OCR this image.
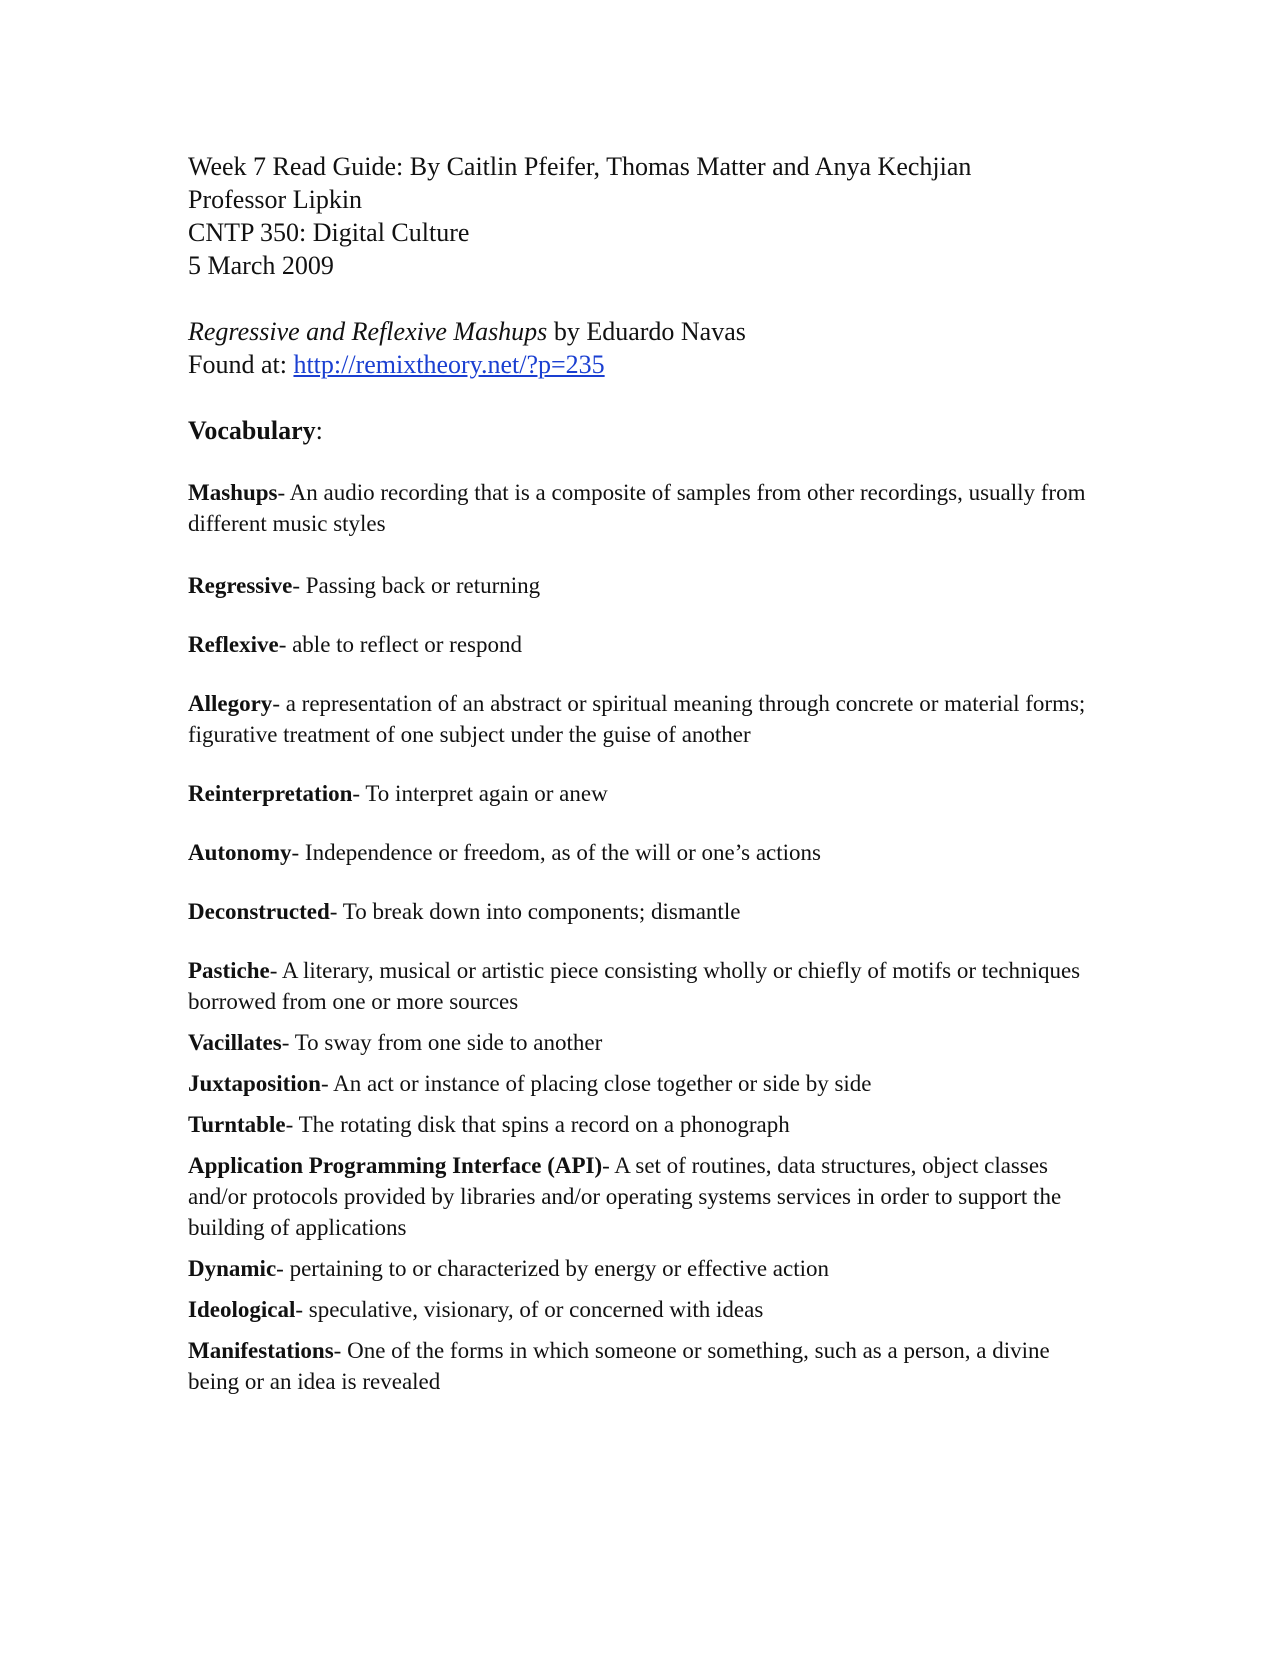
Week 7 Read Guide: By Caitlin Pfeifer, Thomas Matter and Anya Kechjian
Professor Lipkin
CNTP 350: Digital Culture
5 March 2009
Regressive and Reflexive Mashups by Eduardo Navas
Found at: http://remixtheory.net/?p=235
Vocabulary:
Mashups- An audio recording that is a composite of samples from other recordings, usually from different music styles
Regressive- Passing back or returning
Reflexive- able to reflect or respond
Allegory- a representation of an abstract or spiritual meaning through concrete or material forms; figurative treatment of one subject under the guise of another
Reinterpretation- To interpret again or anew
Autonomy- Independence or freedom, as of the will or one’s actions
Deconstructed- To break down into components; dismantle
Pastiche- A literary, musical or artistic piece consisting wholly or chiefly of motifs or techniques borrowed from one or more sources
Vacillates- To sway from one side to another
Juxtaposition- An act or instance of placing close together or side by side
Turntable- The rotating disk that spins a record on a phonograph
Application Programming Interface (API)- A set of routines, data structures, object classes and/or protocols provided by libraries and/or operating systems services in order to support the building of applications
Dynamic- pertaining to or characterized by energy or effective action
Ideological- speculative, visionary, of or concerned with ideas
Manifestations- One of the forms in which someone or something, such as a person, a divine being or an idea is revealed
